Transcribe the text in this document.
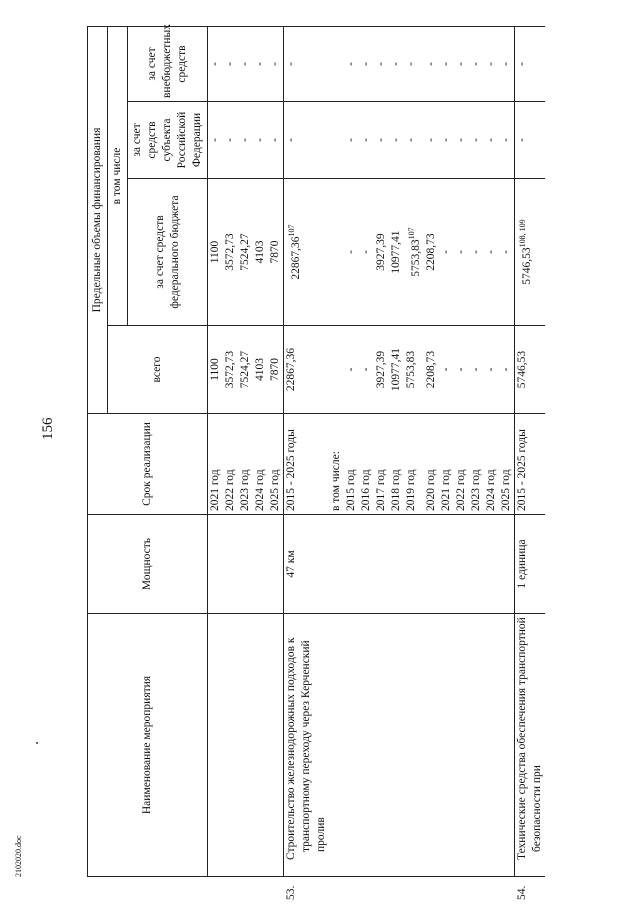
156
2102020.doc
Наименование мероприятия	Мощность	Срок реализации	Предельные объемы финансирования			
			всего	в том числе		
				за счет средств федерального бюджета	за счет средств субъекта Российской Федерации	за счет внебюджетных средств
		2021 год	1100	1100	-	-
		2022 год	3572,73	3572,73	-	-
		2023 год	7524,27	7524,27	-	-
		2024 год	4103	4103	-	-
		2025 год	7870	7870	-	-
53.Строительство железнодорожных подходов к транспортному переходу через Керченский пролив	47 км	2015 - 2025 годы	22867,36	22867,36$^{107}$	-	-
		в том числе:				
		2015 год	-	-	-	-
		2016 год	-	-	-	-
		2017 год	3927,39	3927,39	-	-
		2018 год	10977,41	10977,41	-	-
		2019 год	5753,83	5753,83$^{107}$	-	-
		2020 год	2208,73	2208,73	-	-
		2021 год	-	-	-	-
		2022 год	-	-	-	-
		2023 год	-	-	-	-
		2024 год	-	-	-	-
		2025 год	-	-	-	-
54.Технические средства обеспечения транспортной безопасности при	1 единица	2015 - 2025 годы	5746,53	5746,53$^{108, 109}$	-	-
